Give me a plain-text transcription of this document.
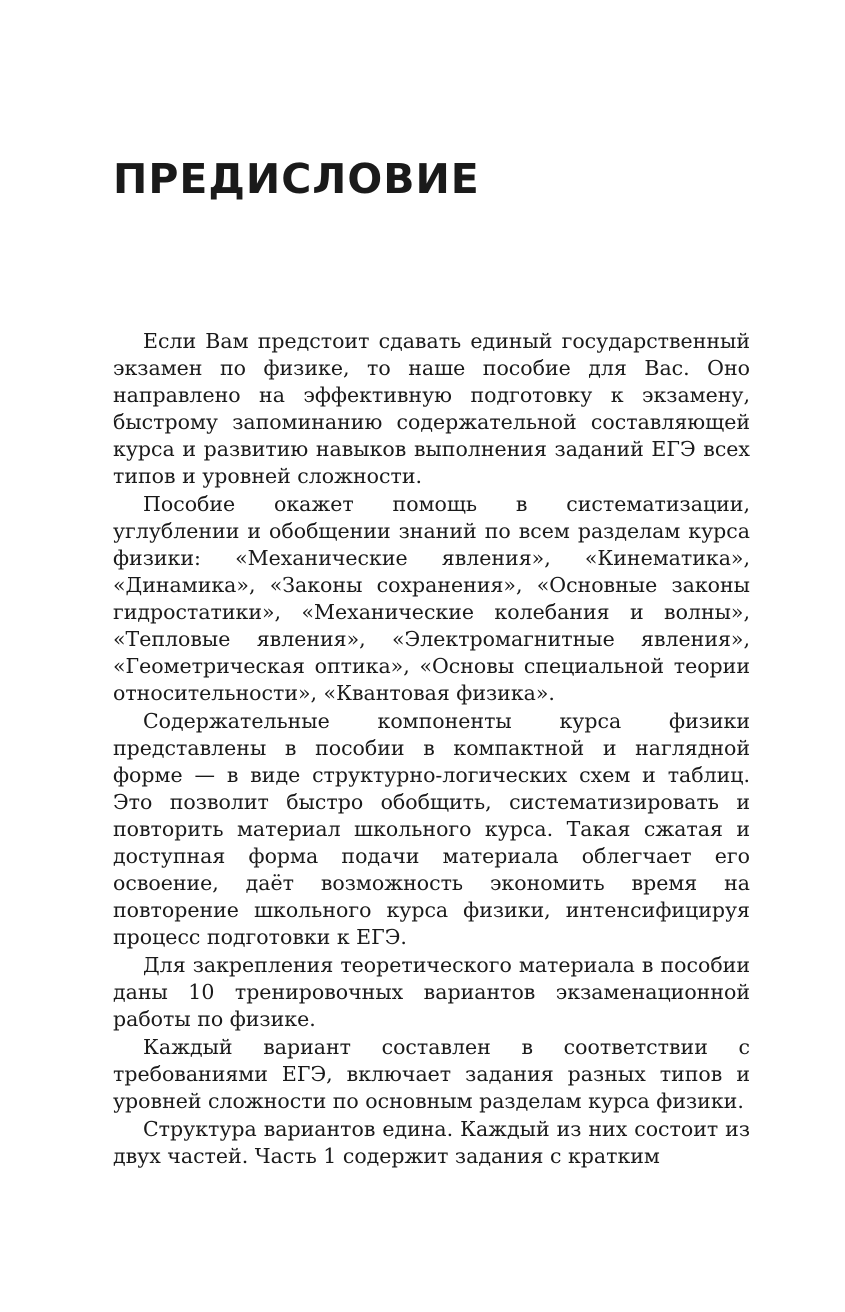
ПРЕДИСЛОВИЕ

Если Вам предстоит сдавать единый государственный экзамен по физике, то наше пособие для Вас. Оно направлено на эффективную подготовку к экзамену, быстрому запоминанию содержательной составляющей курса и развитию навыков выполнения заданий ЕГЭ всех типов и уровней сложности.

Пособие окажет помощь в систематизации, углублении и обобщении знаний по всем разделам курса физики: «Механические явления», «Кинематика», «Динамика», «Законы сохранения», «Основные законы гидростатики», «Механические колебания и волны», «Тепловые явления», «Электромагнитные явления», «Геометрическая оптика», «Основы специальной теории относительности», «Квантовая физика».

Содержательные компоненты курса физики представлены в пособии в компактной и наглядной форме — в виде структурно-логических схем и таблиц. Это позволит быстро обобщить, систематизировать и повторить материал школьного курса. Такая сжатая и доступная форма подачи материала облегчает его освоение, даёт возможность экономить время на повторение школьного курса физики, интенсифицируя процесс подготовки к ЕГЭ.

Для закрепления теоретического материала в пособии даны 10 тренировочных вариантов экзаменационной работы по физике.

Каждый вариант составлен в соответствии с требованиями ЕГЭ, включает задания разных типов и уровней сложности по основным разделам курса физики.

Структура вариантов едина. Каждый из них состоит из двух частей. Часть 1 содержит задания с кратким
